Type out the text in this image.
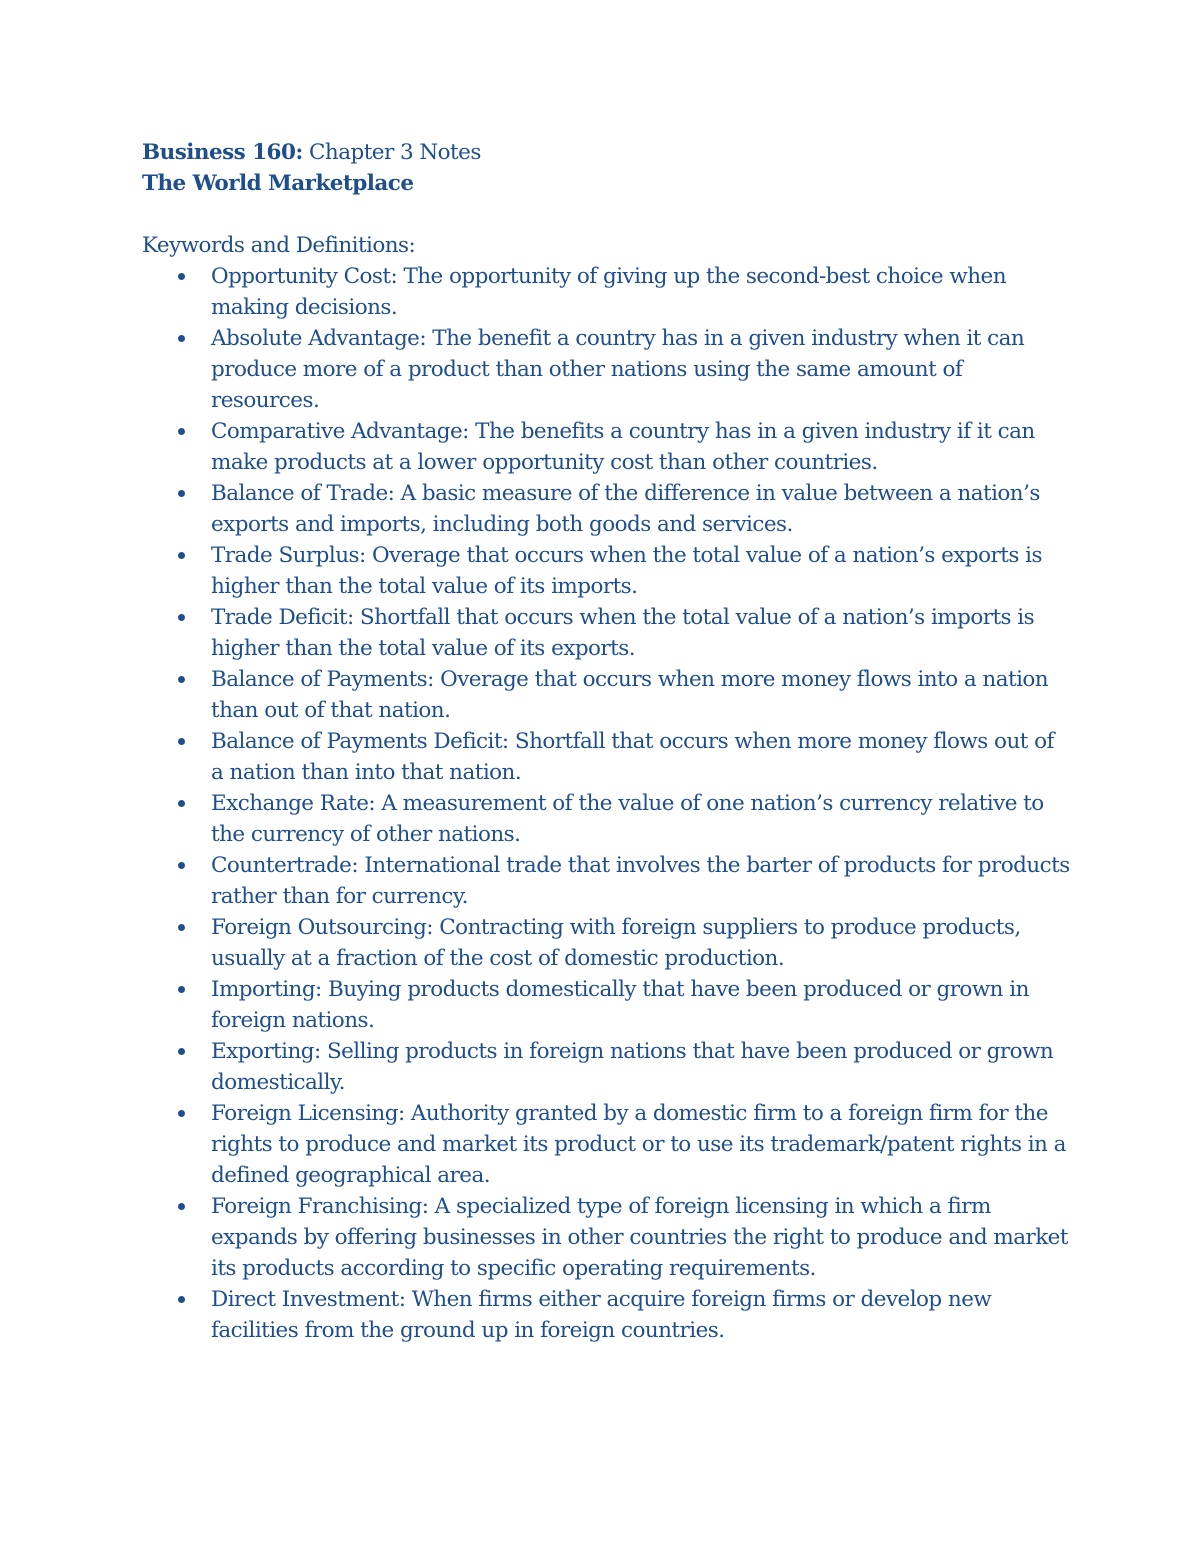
Business 160: Chapter 3 Notes

The World Marketplace

Keywords and Definitions:

Opportunity Cost: The opportunity of giving up the second-best choice when making decisions.
Absolute Advantage: The benefit a country has in a given industry when it can produce more of a product than other nations using the same amount of resources.
Comparative Advantage: The benefits a country has in a given industry if it can make products at a lower opportunity cost than other countries.
Balance of Trade: A basic measure of the difference in value between a nation’s exports and imports, including both goods and services.
Trade Surplus: Overage that occurs when the total value of a nation’s exports is higher than the total value of its imports.
Trade Deficit: Shortfall that occurs when the total value of a nation’s imports is higher than the total value of its exports.
Balance of Payments: Overage that occurs when more money flows into a nation than out of that nation.
Balance of Payments Deficit: Shortfall that occurs when more money flows out of a nation than into that nation.
Exchange Rate: A measurement of the value of one nation’s currency relative to the currency of other nations.
Countertrade: International trade that involves the barter of products for products rather than for currency.
Foreign Outsourcing: Contracting with foreign suppliers to produce products, usually at a fraction of the cost of domestic production.
Importing: Buying products domestically that have been produced or grown in foreign nations.
Exporting: Selling products in foreign nations that have been produced or grown domestically.
Foreign Licensing: Authority granted by a domestic firm to a foreign firm for the rights to produce and market its product or to use its trademark/patent rights in a defined geographical area.
Foreign Franchising: A specialized type of foreign licensing in which a firm expands by offering businesses in other countries the right to produce and market its products according to specific operating requirements.
Direct Investment: When firms either acquire foreign firms or develop new facilities from the ground up in foreign countries.
